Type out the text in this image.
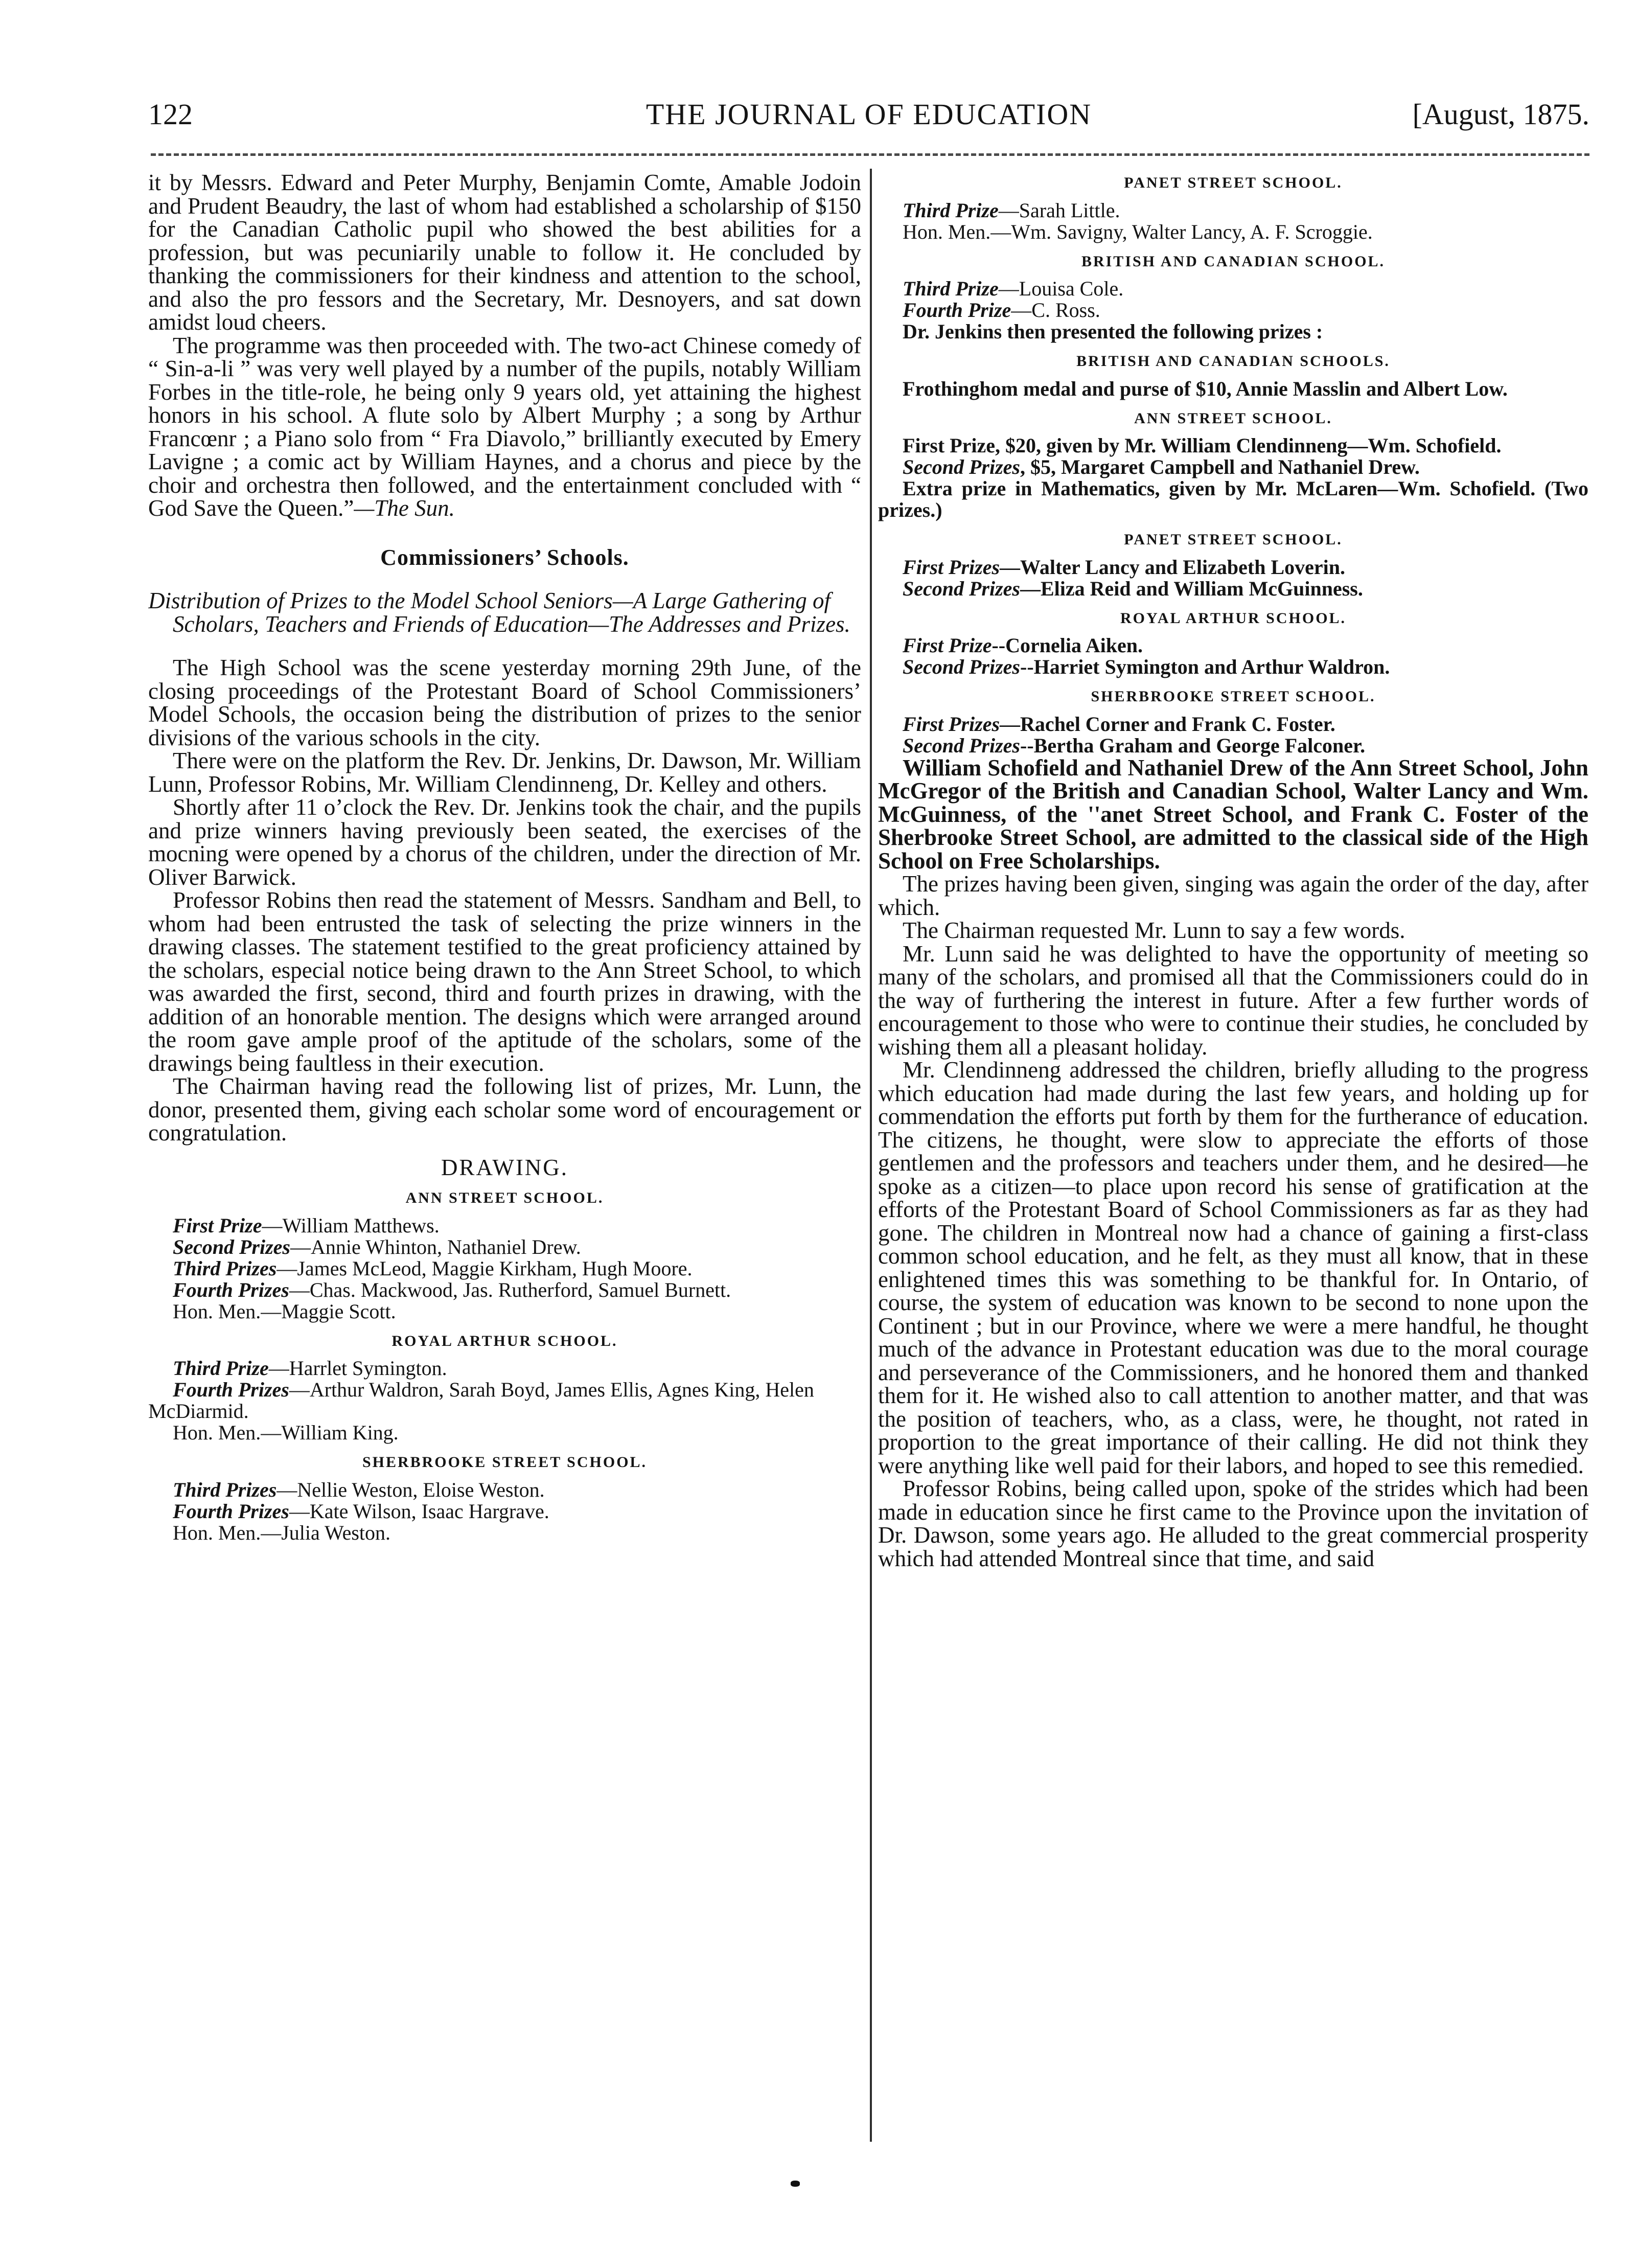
122	THE JOURNAL OF EDUCATION	[August, 1875.

it by Messrs. Edward and Peter Murphy, Benjamin Comte, Amable Jodoin and Prudent Beaudry, the last of whom had established a scholarship of $150 for the Canadian Catholic pupil who showed the best abilities for a profession, but was pecuniarily unable to follow it. He concluded by thanking the commissioners for their kindness and attention to the school, and also the pro fessors and the Secretary, Mr. Desnoyers, and sat down amidst loud cheers.

The programme was then proceeded with. The two-act Chinese comedy of “ Sin-a-li ” was very well played by a number of the pupils, notably William Forbes in the title-role, he being only 9 years old, yet attaining the highest honors in his school. A flute solo by Albert Murphy ; a song by Arthur Francœnr ; a Piano solo from “ Fra Diavolo,” brilliantly executed by Emery Lavigne ; a comic act by William Haynes, and a chorus and piece by the choir and orchestra then followed, and the entertainment concluded with “ God Save the Queen.”—The Sun.

Commissioners’ Schools.
Distribution of Prizes to the Model School Seniors—A Large Gathering of Scholars, Teachers and Friends of Education—The Addresses and Prizes.

The High School was the scene yesterday morning 29th June, of the closing proceedings of the Protestant Board of School Commissioners’ Model Schools, the occasion being the distribution of prizes to the senior divisions of the various schools in the city.

There were on the platform the Rev. Dr. Jenkins, Dr. Dawson, Mr. William Lunn, Professor Robins, Mr. William Clendinneng, Dr. Kelley and others.

Shortly after 11 o’clock the Rev. Dr. Jenkins took the chair, and the pupils and prize winners having previously been seated, the exercises of the mocning were opened by a chorus of the children, under the direction of Mr. Oliver Barwick.

Professor Robins then read the statement of Messrs. Sandham and Bell, to whom had been entrusted the task of selecting the prize winners in the drawing classes. The statement testified to the great proficiency attained by the scholars, especial notice being drawn to the Ann Street School, to which was awarded the first, second, third and fourth prizes in drawing, with the addition of an honorable mention. The designs which were arranged around the room gave ample proof of the aptitude of the scholars, some of the drawings being faultless in their execution.

The Chairman having read the following list of prizes, Mr. Lunn, the donor, presented them, giving each scholar some word of encouragement or congratulation.

DRAWING.
ANN STREET SCHOOL.

First Prize—William Matthews.

Second Prizes—Annie Whinton, Nathaniel Drew.

Third Prizes—James McLeod, Maggie Kirkham, Hugh Moore.

Fourth Prizes—Chas. Mackwood, Jas. Rutherford, Samuel Burnett.

Hon. Men.—Maggie Scott.

ROYAL ARTHUR SCHOOL.

Third Prize—Harrlet Symington.

Fourth Prizes—Arthur Waldron, Sarah Boyd, James Ellis, Agnes King, Helen McDiarmid.

Hon. Men.—William King.

SHERBROOKE STREET SCHOOL.

Third Prizes—Nellie Weston, Eloise Weston.

Fourth Prizes—Kate Wilson, Isaac Hargrave.

Hon. Men.—Julia Weston.

PANET STREET SCHOOL.

Third Prize—Sarah Little.

Hon. Men.—Wm. Savigny, Walter Lancy, A. F. Scroggie.

BRITISH AND CANADIAN SCHOOL.

Third Prize—Louisa Cole.

Fourth Prize—C. Ross.

Dr. Jenkins then presented the following prizes :

BRITISH AND CANADIAN SCHOOLS.

Frothinghom medal and purse of $10, Annie Masslin and Albert Low.

ANN STREET SCHOOL.

First Prize, $20, given by Mr. William Clendinneng—Wm. Schofield.

Second Prizes, $5, Margaret Campbell and Nathaniel Drew.

Extra prize in Mathematics, given by Mr. McLaren—Wm. Schofield. (Two prizes.)

PANET STREET SCHOOL.

First Prizes—Walter Lancy and Elizabeth Loverin.

Second Prizes—Eliza Reid and William McGuinness.

ROYAL ARTHUR SCHOOL.

First Prize--Cornelia Aiken.

Second Prizes--Harriet Symington and Arthur Waldron.

SHERBROOKE STREET SCHOOL.

First Prizes—Rachel Corner and Frank C. Foster.

Second Prizes--Bertha Graham and George Falconer.

William Schofield and Nathaniel Drew of the Ann Street School, John McGregor of the British and Canadian School, Walter Lancy and Wm. McGuinness, of the ''anet Street School, and Frank C. Foster of the Sherbrooke Street School, are admitted to the classical side of the High School on Free Scholarships.

The prizes having been given, singing was again the order of the day, after which.

The Chairman requested Mr. Lunn to say a few words.

Mr. Lunn said he was delighted to have the opportunity of meeting so many of the scholars, and promised all that the Commissioners could do in the way of furthering the interest in future. After a few further words of encouragement to those who were to continue their studies, he concluded by wishing them all a pleasant holiday.

Mr. Clendinneng addressed the children, briefly alluding to the progress which education had made during the last few years, and holding up for commendation the efforts put forth by them for the furtherance of education. The citizens, he thought, were slow to appreciate the efforts of those gentlemen and the professors and teachers under them, and he desired—he spoke as a citizen—to place upon record his sense of gratification at the efforts of the Protestant Board of School Commissioners as far as they had gone. The children in Montreal now had a chance of gaining a first-class common school education, and he felt, as they must all know, that in these enlightened times this was something to be thankful for. In Ontario, of course, the system of education was known to be second to none upon the Continent ; but in our Province, where we were a mere handful, he thought much of the advance in Protestant education was due to the moral courage and perseverance of the Commissioners, and he honored them and thanked them for it. He wished also to call attention to another matter, and that was the position of teachers, who, as a class, were, he thought, not rated in proportion to the great importance of their calling. He did not think they were anything like well paid for their labors, and hoped to see this remedied.

Professor Robins, being called upon, spoke of the strides which had been made in education since he first came to the Province upon the invitation of Dr. Dawson, some years ago. He alluded to the great commercial prosperity which had attended Montreal since that time, and said
